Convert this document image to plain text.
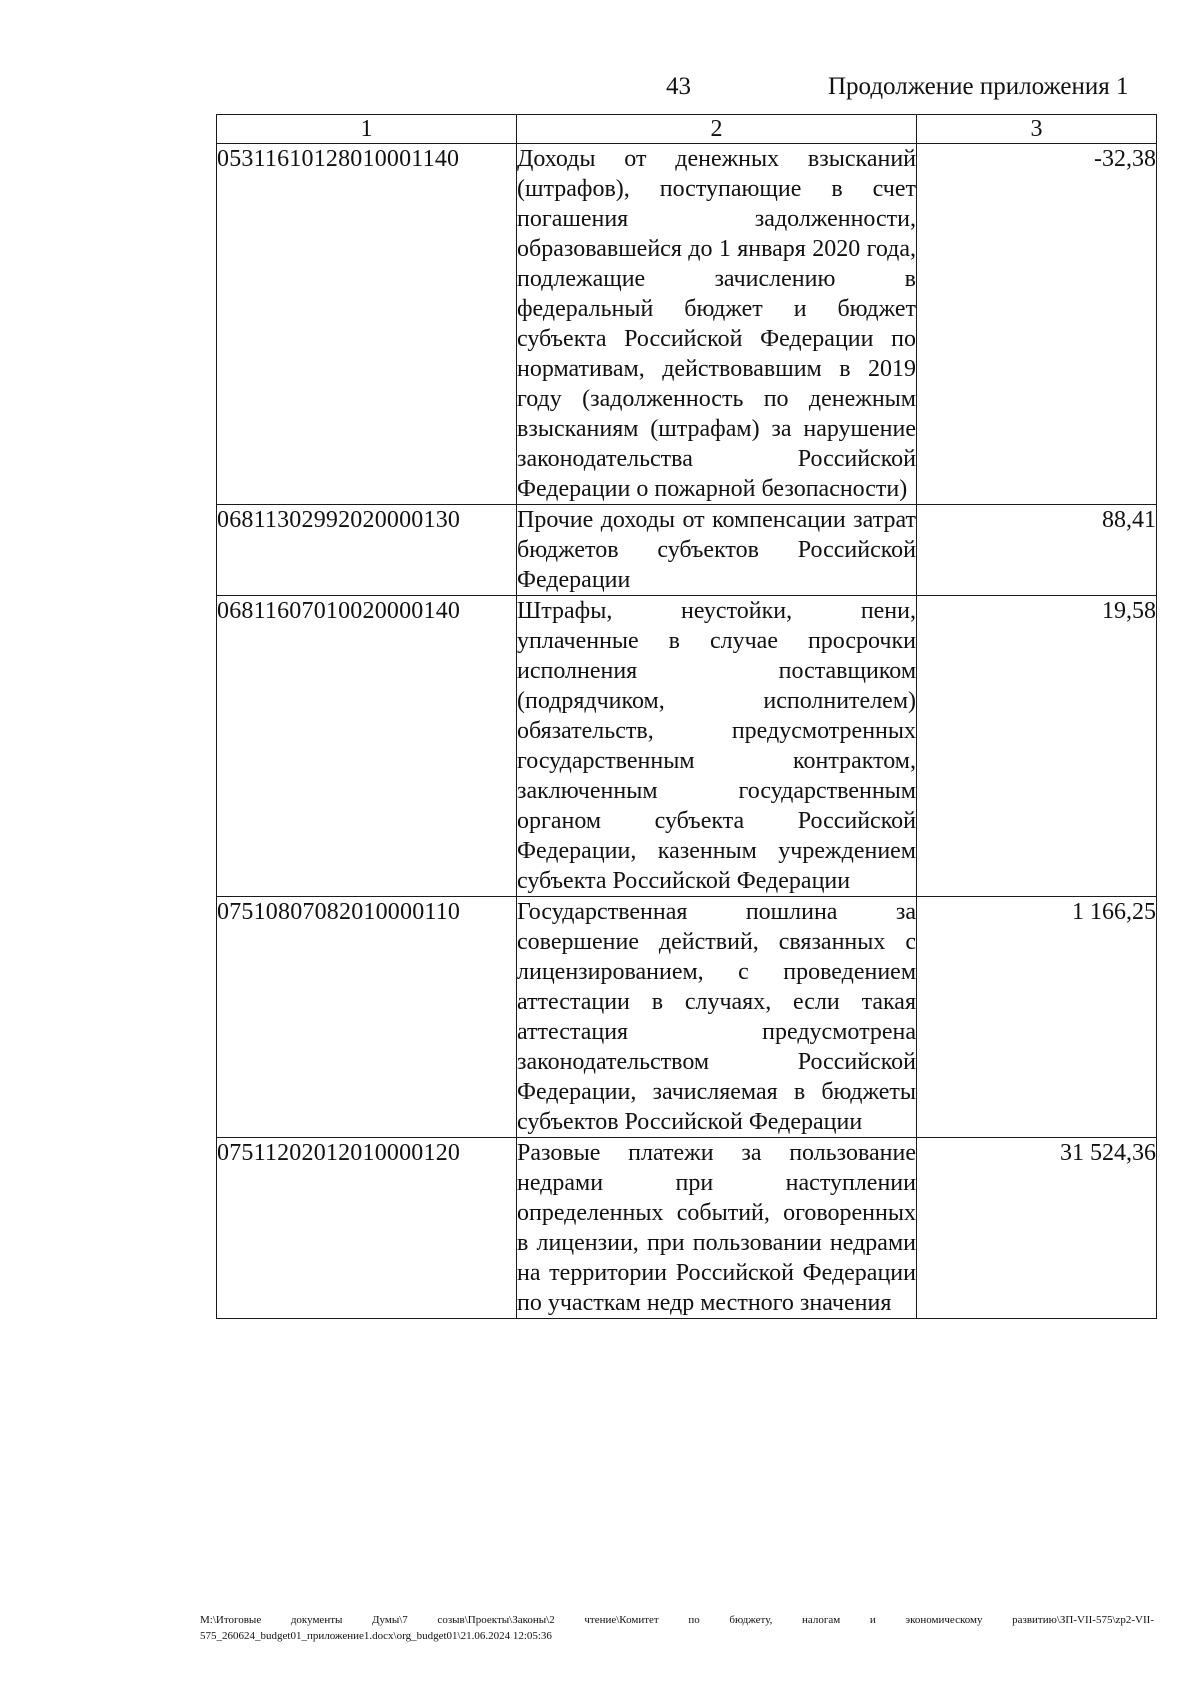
43	Продолжение приложения 1
1	2	3
05311610128010001140	Доходы от денежных взысканий (штрафов), поступающие в счет погашения задолженности, образовавшейся до 1 января 2020 года, подлежащие зачислению в федеральный бюджет и бюджет субъекта Российской Федерации по нормативам, действовавшим в 2019 году (задолженность по денежным взысканиям (штрафам) за нарушение законодательства Российской Федерации о пожарной безопасности)	-32,38
06811302992020000130	Прочие доходы от компенсации затрат бюджетов субъектов Российской Федерации	88,41
06811607010020000140	Штрафы, неустойки, пени, уплаченные в случае просрочки исполнения поставщиком (подрядчиком, исполнителем) обязательств, предусмотренных государственным контрактом, заключенным государственным органом субъекта Российской Федерации, казенным учреждением субъекта Российской Федерации	19,58
07510807082010000110	Государственная пошлина за совершение действий, связанных с лицензированием, с проведением аттестации в случаях, если такая аттестация предусмотрена законодательством Российской Федерации, зачисляемая в бюджеты субъектов Российской Федерации	1 166,25
07511202012010000120	Разовые платежи за пользование недрами при наступлении определенных событий, оговоренных в лицензии, при пользовании недрами на территории Российской Федерации по участкам недр местного значения	31 524,36
M:\Итоговые документы Думы\7 созыв\Проекты\Законы\2 чтение\Комитет по бюджету, налогам и экономическому развитию\ЗП-VII-575\zp2-VII-575_260624_budget01_приложение1.docx\org_budget01\21.06.2024 12:05:36
